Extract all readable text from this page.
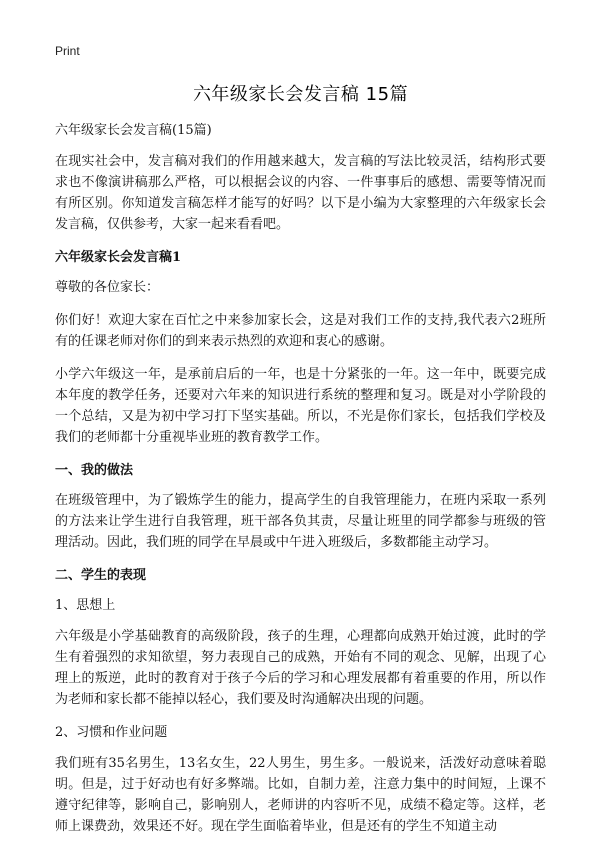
Print
六年级家长会发言稿 15篇

六年级家长会发言稿(15篇)

在现实社会中，发言稿对我们的作用越来越大，发言稿的写法比较灵活，结构形式要求也不像演讲稿那么严格，可以根据会议的内容、一件事事后的感想、需要等情况而有所区别。你知道发言稿怎样才能写的好吗？以下是小编为大家整理的六年级家长会发言稿，仅供参考，大家一起来看看吧。

六年级家长会发言稿1

尊敬的各位家长：

你们好！欢迎大家在百忙之中来参加家长会，这是对我们工作的支持,我代表六2班所有的任课老师对你们的到来表示热烈的欢迎和衷心的感谢。

小学六年级这一年，是承前启后的一年，也是十分紧张的一年。这一年中，既要完成本年度的教学任务，还要对六年来的知识进行系统的整理和复习。既是对小学阶段的一个总结，又是为初中学习打下坚实基础。所以，不光是你们家长，包括我们学校及我们的老师都十分重视毕业班的教育教学工作。

一、我的做法

在班级管理中，为了锻炼学生的能力，提高学生的自我管理能力，在班内采取一系列的方法来让学生进行自我管理，班干部各负其责，尽量让班里的同学都参与班级的管理活动。因此，我们班的同学在早晨或中午进入班级后，多数都能主动学习。

二、学生的表现

1、思想上

六年级是小学基础教育的高级阶段，孩子的生理，心理都向成熟开始过渡，此时的学生有着强烈的求知欲望，努力表现自己的成熟，开始有不同的观念、见解，出现了心理上的叛逆，此时的教育对于孩子今后的学习和心理发展都有着重要的作用，所以作为老师和家长都不能掉以轻心，我们要及时沟通解决出现的问题。

2、习惯和作业问题

我们班有35名男生，13名女生，22人男生，男生多。一般说来，活泼好动意味着聪明。但是，过于好动也有好多弊端。比如，自制力差，注意力集中的时间短，上课不遵守纪律等，影响自己，影响别人，老师讲的内容听不见，成绩不稳定等。这样，老师上课费劲，效果还不好。现在学生面临着毕业，但是还有的学生不知道主动
